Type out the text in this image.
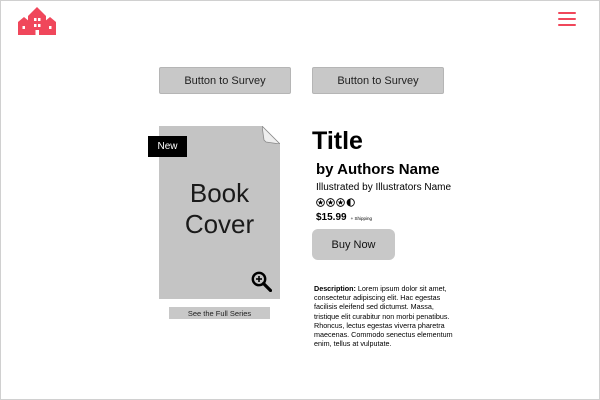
Button to Survey	Button to Survey
Book
Cover
New
See the Full Series
Title
by Authors Name
Illustrated by Illustrators Name
$15.99 + Shipping
Buy Now
Description: Lorem ipsum dolor sit amet, consectetur adipiscing elit. Hac egestas facilisis eleifend sed dictumst. Massa, tristique elit curabitur non morbi penatibus. Rhoncus, lectus egestas viverra pharetra maecenas. Commodo senectus elementum enim, tellus at vulputate.
